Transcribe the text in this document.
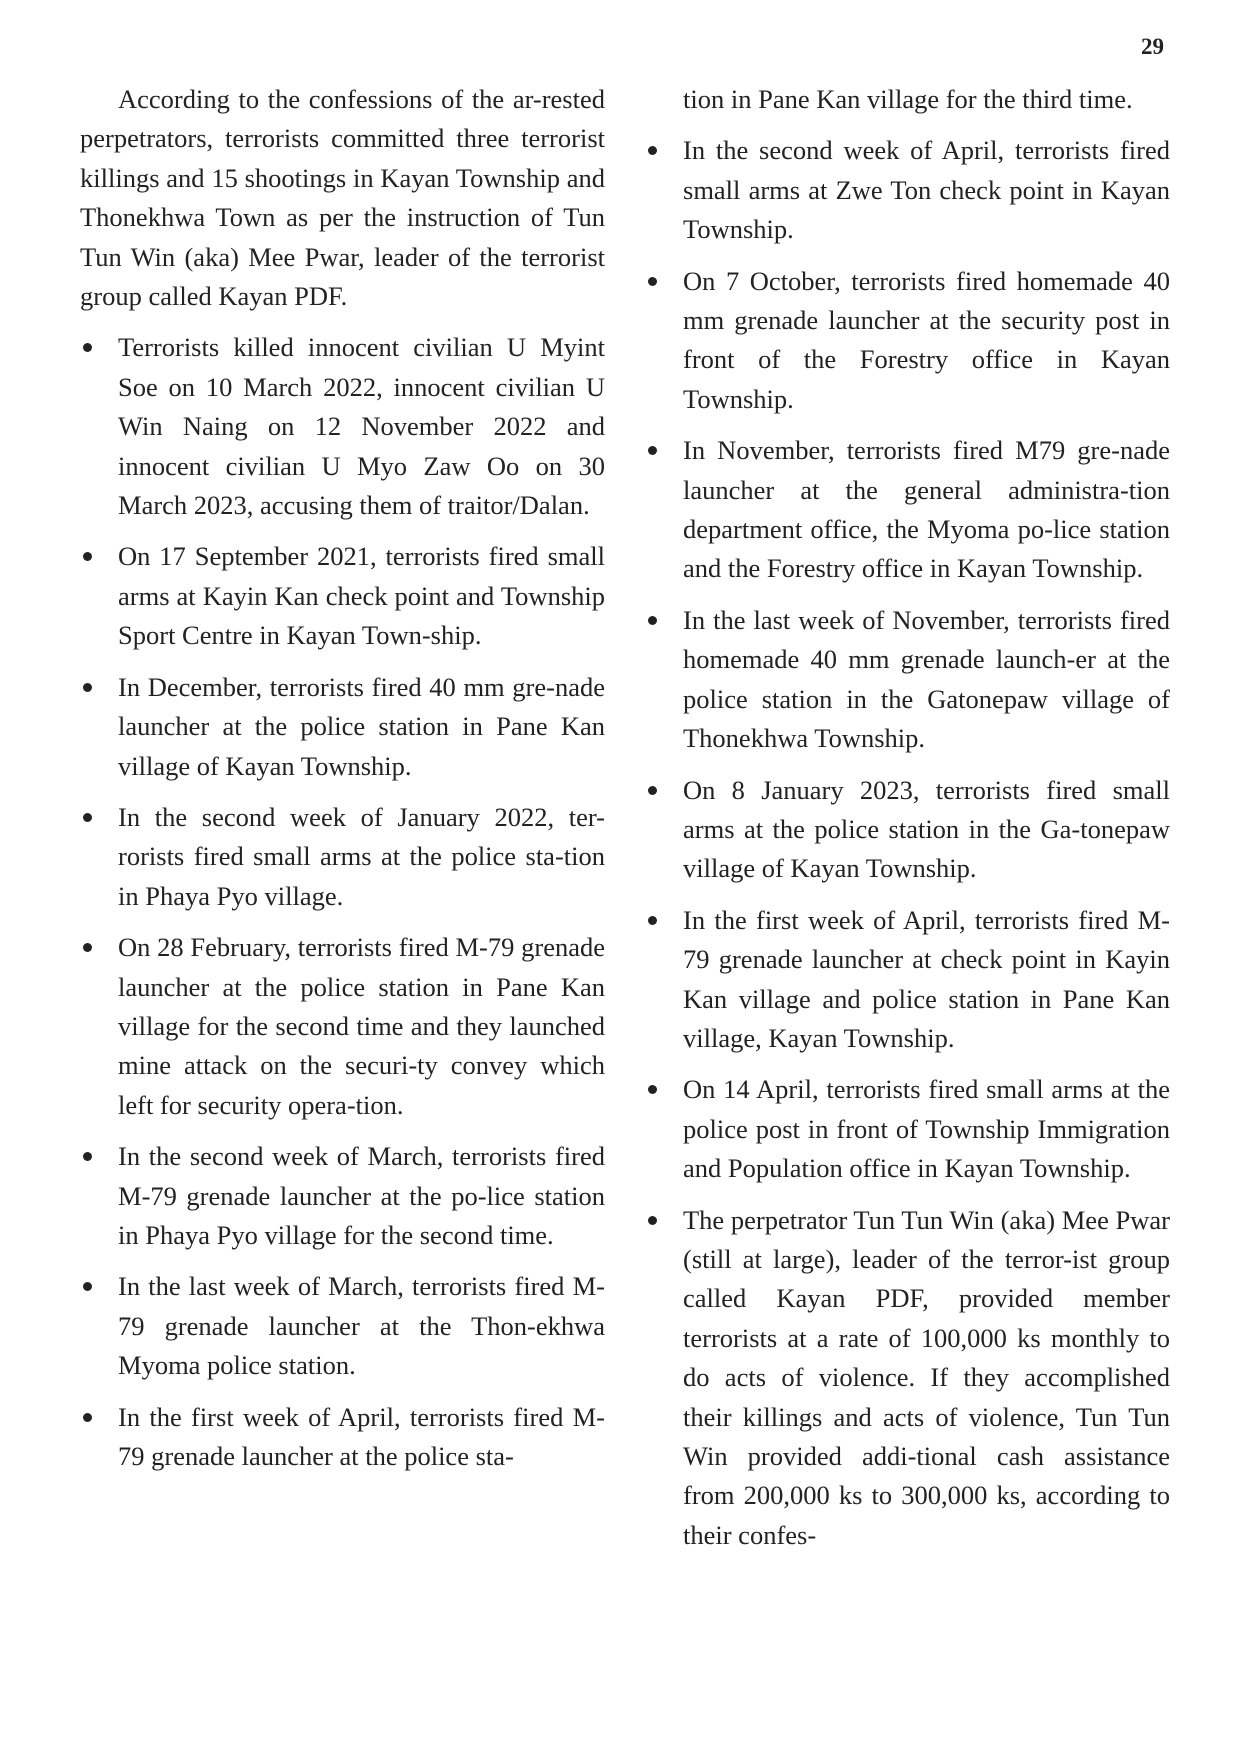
29

According to the confessions of the ar-rested perpetrators, terrorists committed three terrorist killings and 15 shootings in Kayan Township and Thonekhwa Town as per the instruction of Tun Tun Win (aka) Mee Pwar, leader of the terrorist group called Kayan PDF.

Terrorists killed innocent civilian U Myint Soe on 10 March 2022, innocent civilian U Win Naing on 12 November 2022 and innocent civilian U Myo Zaw Oo on 30 March 2023, accusing them of traitor/Dalan.
On 17 September 2021, terrorists fired small arms at Kayin Kan check point and Township Sport Centre in Kayan Town-ship.
In December, terrorists fired 40 mm gre-nade launcher at the police station in Pane Kan village of Kayan Township.
In the second week of January 2022, ter-rorists fired small arms at the police sta-tion in Phaya Pyo village.
On 28 February, terrorists fired M-79 grenade launcher at the police station in Pane Kan village for the second time and they launched mine attack on the securi-ty convey which left for security opera-tion.
In the second week of March, terrorists fired M-79 grenade launcher at the po-lice station in Phaya Pyo village for the second time.
In the last week of March, terrorists fired M-79 grenade launcher at the Thon-ekhwa Myoma police station.
In the first week of April, terrorists fired M-79 grenade launcher at the police sta-

tion in Pane Kan village for the third time.

In the second week of April, terrorists fired small arms at Zwe Ton check point in Kayan Township.
On 7 October, terrorists fired homemade 40 mm grenade launcher at the security post in front of the Forestry office in Kayan Township.
In November, terrorists fired M79 gre-nade launcher at the general administra-tion department office, the Myoma po-lice station and the Forestry office in Kayan Township.
In the last week of November, terrorists fired homemade 40 mm grenade launch-er at the police station in the Gatonepaw village of Thonekhwa Township.
On 8 January 2023, terrorists fired small arms at the police station in the Ga-tonepaw village of Kayan Township.
In the first week of April, terrorists fired M-79 grenade launcher at check point in Kayin Kan village and police station in Pane Kan village, Kayan Township.
On 14 April, terrorists fired small arms at the police post in front of Township Immigration and Population office in Kayan Township.
The perpetrator Tun Tun Win (aka) Mee Pwar (still at large), leader of the terror-ist group called Kayan PDF, provided member terrorists at a rate of 100,000 ks monthly to do acts of violence. If they accomplished their killings and acts of violence, Tun Tun Win provided addi-tional cash assistance from 200,000 ks to 300,000 ks, according to their confes-
